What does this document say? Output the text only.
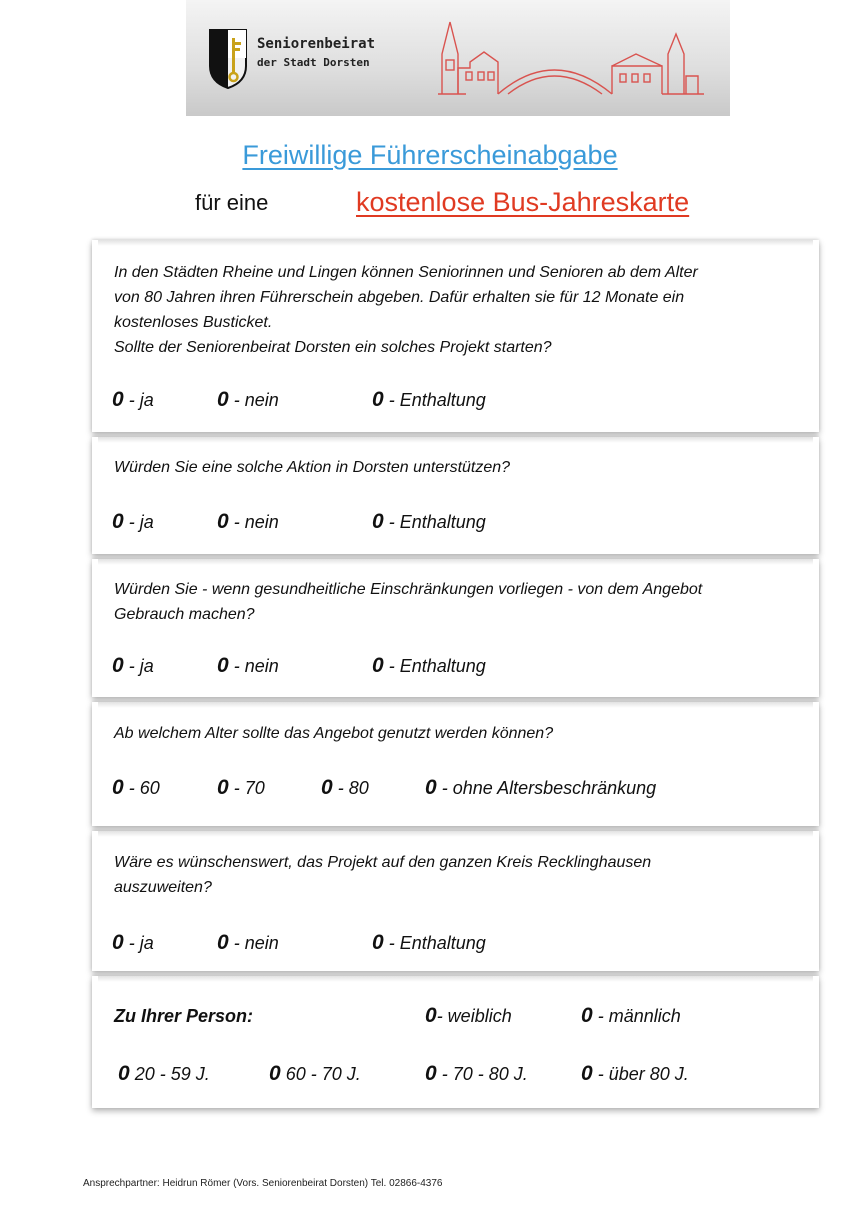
Seniorenbeirat
der Stadt Dorsten
Freiwillige Führerscheinabgabe
für eine	kostenlose Bus-Jahreskarte
In den Städten Rheine und Lingen können Seniorinnen und Senioren ab dem Alter
von 80 Jahren ihren Führerschein abgeben. Dafür erhalten sie für 12 Monate ein
kostenloses Busticket.
Sollte der Seniorenbeirat Dorsten ein solches Projekt starten?
0 - ja	0 - nein	0 - Enthaltung
Würden Sie eine solche Aktion in Dorsten unterstützen?
0 - ja	0 - nein	0 - Enthaltung
Würden Sie - wenn gesundheitliche Einschränkungen vorliegen - von dem Angebot
Gebrauch machen?
0 - ja	0 - nein	0 - Enthaltung
Ab welchem Alter sollte das Angebot genutzt werden können?
0 - 60	0 - 70	0 - 80	0 - ohne Altersbeschränkung
Wäre es wünschenswert, das Projekt auf den ganzen Kreis Recklinghausen
auszuweiten?
0 - ja	0 - nein	0 - Enthaltung
Zu Ihrer Person:	0- weiblich	0 - männlich
0 20 - 59 J.	0 60 - 70 J.	0 - 70 - 80 J.	0 - über 80 J.
Ansprechpartner: Heidrun Römer (Vors. Seniorenbeirat Dorsten) Tel. 02866-4376
